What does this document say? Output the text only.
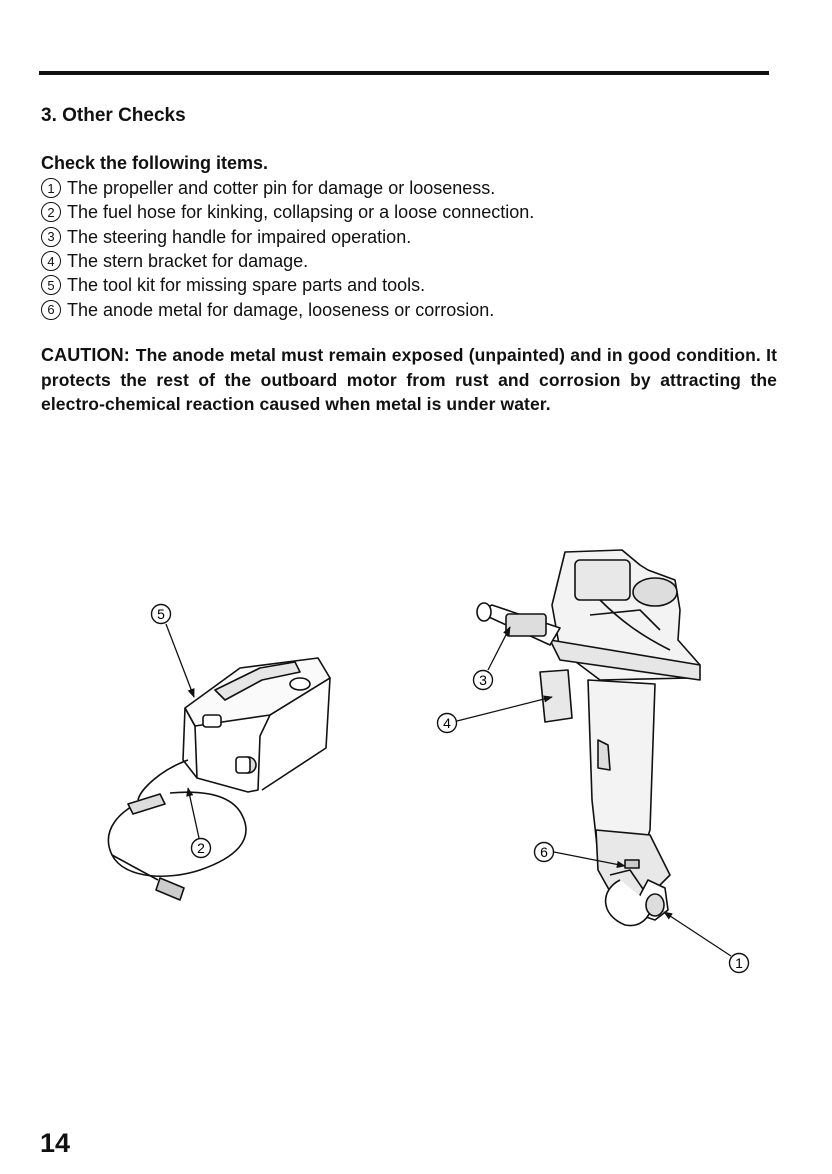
3. Other Checks
Check the following items.
1 The propeller and cotter pin for damage or looseness.
2 The fuel hose for kinking, collapsing or a loose connection.
3 The steering handle for impaired operation.
4 The stern bracket for damage.
5 The tool kit for missing spare parts and tools.
6 The anode metal for damage, looseness or corrosion.
CAUTION: The anode metal must remain exposed (unpainted) and in good condition. It protects the rest of the outboard motor from rust and corrosion by attracting the electro-chemical reaction caused when metal is under water.
5
2
3
4
6
1
14
